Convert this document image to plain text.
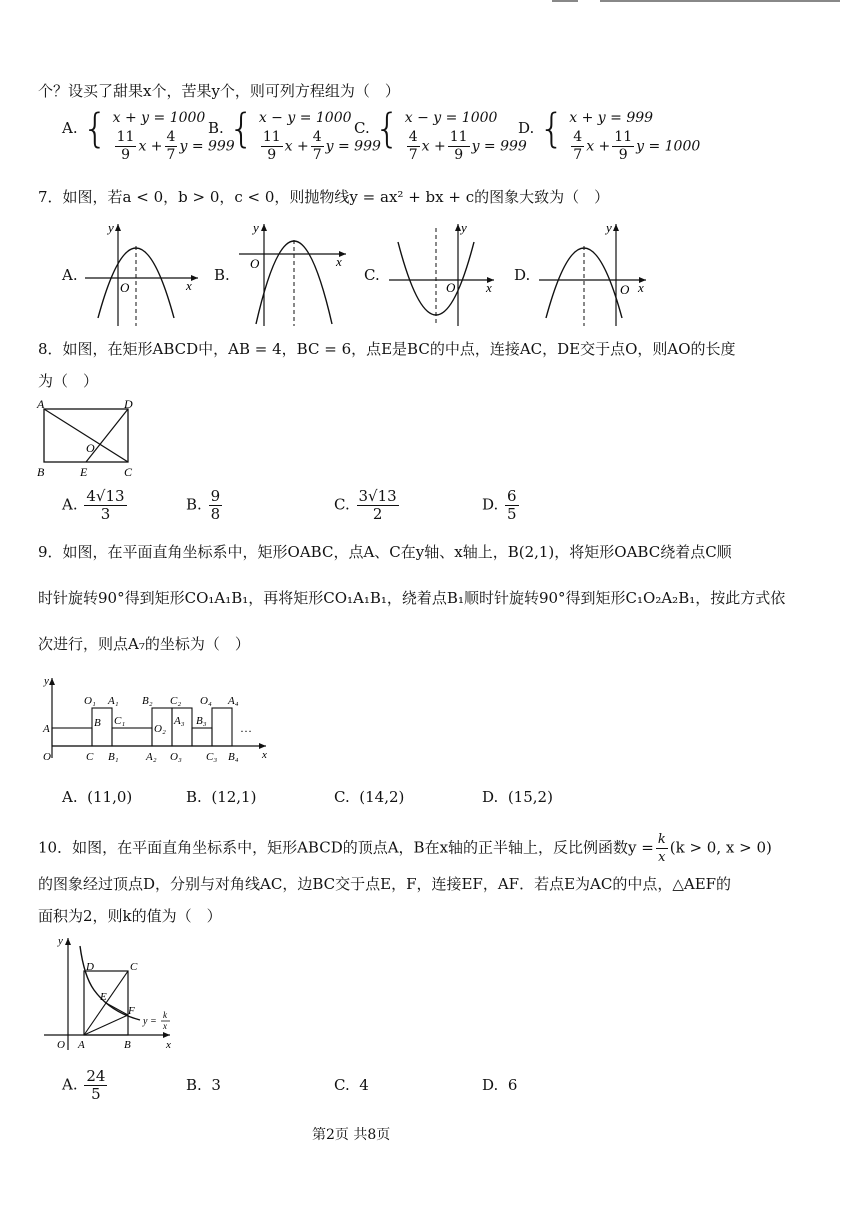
个？设买了甜果x个，苦果y个，则可列方程组为（　）
A. { x + y = 1000
$\frac{11}{9}$ $x + \frac{4}{7}$ y = 999
B. { x − y = 1000
$\frac{11}{9}$ $x + \frac{4}{7}$ y = 999
C. { x − y = 1000
$\frac{4}{7}$ $x + \frac{11}{9}$ y = 999
D. { x + y = 999
$\frac{4}{7}$ $x + \frac{11}{9}$ y = 1000
7．如图，若a < 0，b > 0，c < 0，则抛物线y = ax² + bx + c的图象大致为（　）
A.
y
x
O
B.
y
x
O
C.
y
x
O
D.
y
x
O
8．如图，在矩形ABCD中，AB = 4，BC = 6，点E是BC的中点，连接AC，DE交于点O，则AO的长度
为（　）
A	D
B	E	C
O
A. $\frac{4√13}{3}$	B. $\frac{9}{8}$	C. $\frac{3√13}{2}$	D. $\frac{6}{5}$
9．如图，在平面直角坐标系中，矩形OABC，点A、C在y轴、x轴上，B(2,1)，将矩形OABC绕着点C顺
时针旋转90°得到矩形CO₁A₁B₁，再将矩形CO₁A₁B₁，绕着点B₁顺时针旋转90°得到矩形C₁O₂A₂B₁，按此方式依
次进行，则点A₇的坐标为（　）
y
x
O
A
C
B
B₁
O₁ A₁
C₁
A₂
O₂
B₂ C₂
O₃
A₃ B₃
C₃
O₄ A₄
B₄
…
A. (11,0)	B. (12,1)	C. (14,2)	D. (15,2)
10．如图，在平面直角坐标系中，矩形ABCD的顶点A，B在x轴的正半轴上，反比例函数$y = \frac{k}{x} (k > 0$, x > 0)
的图象经过顶点D，分别与对角线AC，边BC交于点E，F，连接EF，AF．若点E为AC的中点，△AEF的
面积为2，则k的值为（　）
y
x
O A	B
C
D
E
F
y =
k
x
A. $\frac{24}{5}$	B. 3	C. 4	D. 6
第2页 共8页
